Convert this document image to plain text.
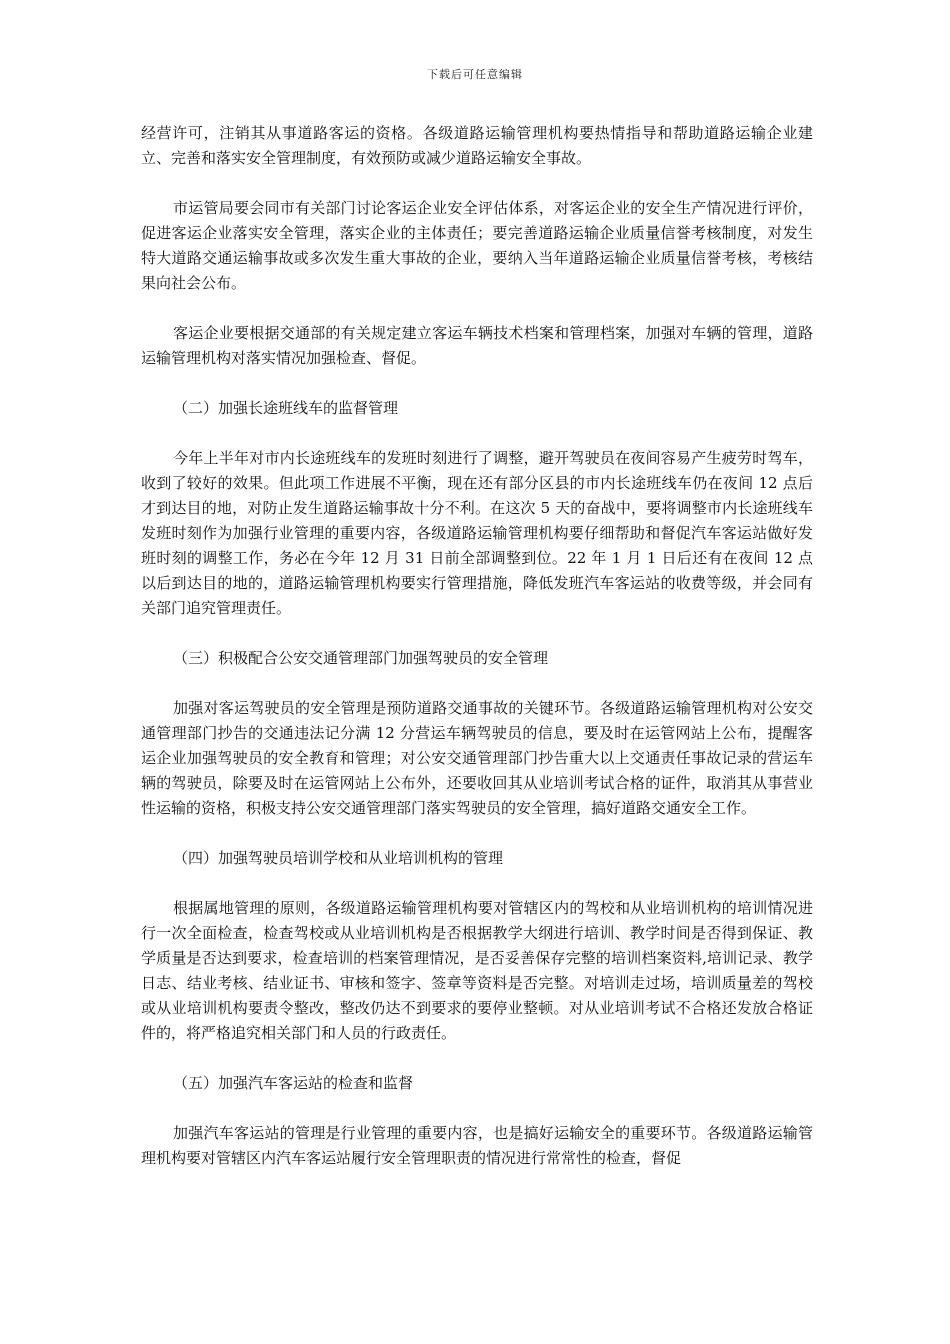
下载后可任意编辑

经营许可，注销其从事道路客运的资格。各级道路运输管理机构要热情指导和帮助道路运输企业建立、完善和落实安全管理制度，有效预防或减少道路运输安全事故。

市运管局要会同市有关部门讨论客运企业安全评估体系，对客运企业的安全生产情况进行评价，促进客运企业落实安全管理，落实企业的主体责任；要完善道路运输企业质量信誉考核制度，对发生特大道路交通运输事故或多次发生重大事故的企业，要纳入当年道路运输企业质量信誉考核，考核结果向社会公布。

客运企业要根据交通部的有关规定建立客运车辆技术档案和管理档案，加强对车辆的管理，道路运输管理机构对落实情况加强检查、督促。

（二）加强长途班线车的监督管理

今年上半年对市内长途班线车的发班时刻进行了调整，避开驾驶员在夜间容易产生疲劳时驾车，收到了较好的效果。但此项工作进展不平衡，现在还有部分区县的市内长途班线车仍在夜间 12 点后才到达目的地，对防止发生道路运输事故十分不利。在这次 5 天的奋战中，要将调整市内长途班线车发班时刻作为加强行业管理的重要内容，各级道路运输管理机构要仔细帮助和督促汽车客运站做好发班时刻的调整工作，务必在今年 12 月 31 日前全部调整到位。22 年 1 月 1 日后还有在夜间 12 点以后到达目的地的，道路运输管理机构要实行管理措施，降低发班汽车客运站的收费等级，并会同有关部门追究管理责任。

（三）积极配合公安交通管理部门加强驾驶员的安全管理

加强对客运驾驶员的安全管理是预防道路交通事故的关键环节。各级道路运输管理机构对公安交通管理部门抄告的交通违法记分满 12 分营运车辆驾驶员的信息，要及时在运管网站上公布，提醒客运企业加强驾驶员的安全教育和管理；对公安交通管理部门抄告重大以上交通责任事故记录的营运车辆的驾驶员，除要及时在运管网站上公布外，还要收回其从业培训考试合格的证件，取消其从事营业性运输的资格，积极支持公安交通管理部门落实驾驶员的安全管理，搞好道路交通安全工作。

（四）加强驾驶员培训学校和从业培训机构的管理

根据属地管理的原则，各级道路运输管理机构要对管辖区内的驾校和从业培训机构的培训情况进行一次全面检查，检查驾校或从业培训机构是否根据教学大纲进行培训、教学时间是否得到保证、教学质量是否达到要求，检查培训的档案管理情况，是否妥善保存完整的培训档案资料,培训记录、教学日志、结业考核、结业证书、审核和签字、签章等资料是否完整。对培训走过场，培训质量差的驾校或从业培训机构要责令整改，整改仍达不到要求的要停业整顿。对从业培训考试不合格还发放合格证件的，将严格追究相关部门和人员的行政责任。

（五）加强汽车客运站的检查和监督

加强汽车客运站的管理是行业管理的重要内容，也是搞好运输安全的重要环节。各级道路运输管理机构要对管辖区内汽车客运站履行安全管理职责的情况进行常常性的检查，督促
